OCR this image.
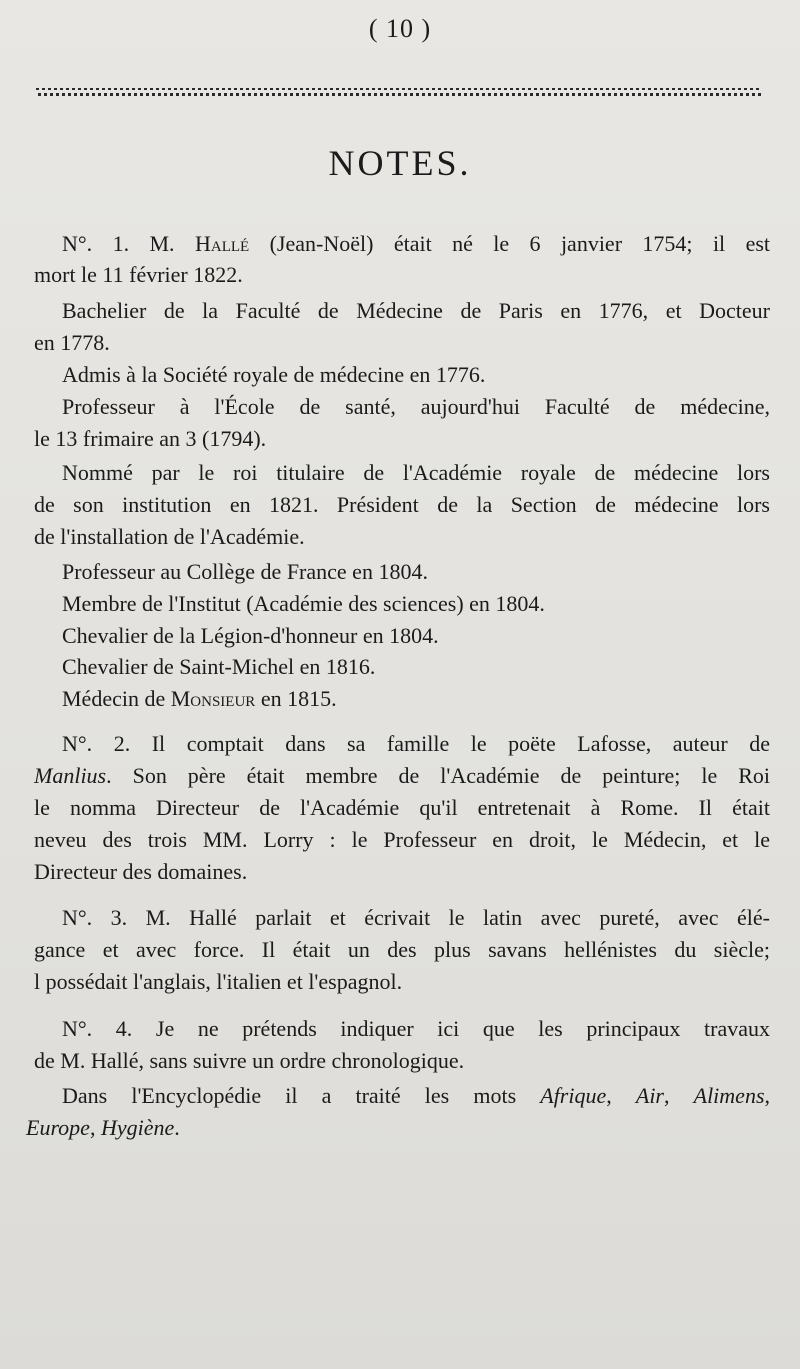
( 10 )
NOTES.
N°. 1. M. Hallé (Jean-Noël) était né le 6 janvier 1754; il est
mort le 11 février 1822.
Bachelier de la Faculté de Médecine de Paris en 1776, et Docteur
en 1778.
Admis à la Société royale de médecine en 1776.
Professeur à l'École de santé, aujourd'hui Faculté de médecine,
le 13 frimaire an 3 (1794).
Nommé par le roi titulaire de l'Académie royale de médecine lors
de son institution en 1821. Président de la Section de médecine lors
de l'installation de l'Académie.
Professeur au Collège de France en 1804.
Membre de l'Institut (Académie des sciences) en 1804.
Chevalier de la Légion-d'honneur en 1804.
Chevalier de Saint-Michel en 1816.
Médecin de Monsieur en 1815.
N°. 2. Il comptait dans sa famille le poëte Lafosse, auteur de
Manlius. Son père était membre de l'Académie de peinture; le Roi
le nomma Directeur de l'Académie qu'il entretenait à Rome. Il était
neveu des trois MM. Lorry : le Professeur en droit, le Médecin, et le
Directeur des domaines.
N°. 3. M. Hallé parlait et écrivait le latin avec pureté, avec élé-
gance et avec force. Il était un des plus savans hellénistes du siècle;
l possédait l'anglais, l'italien et l'espagnol.
N°. 4. Je ne prétends indiquer ici que les principaux travaux
de M. Hallé, sans suivre un ordre chronologique.
Dans l'Encyclopédie il a traité les mots Afrique, Air, Alimens,
Europe, Hygiène.
